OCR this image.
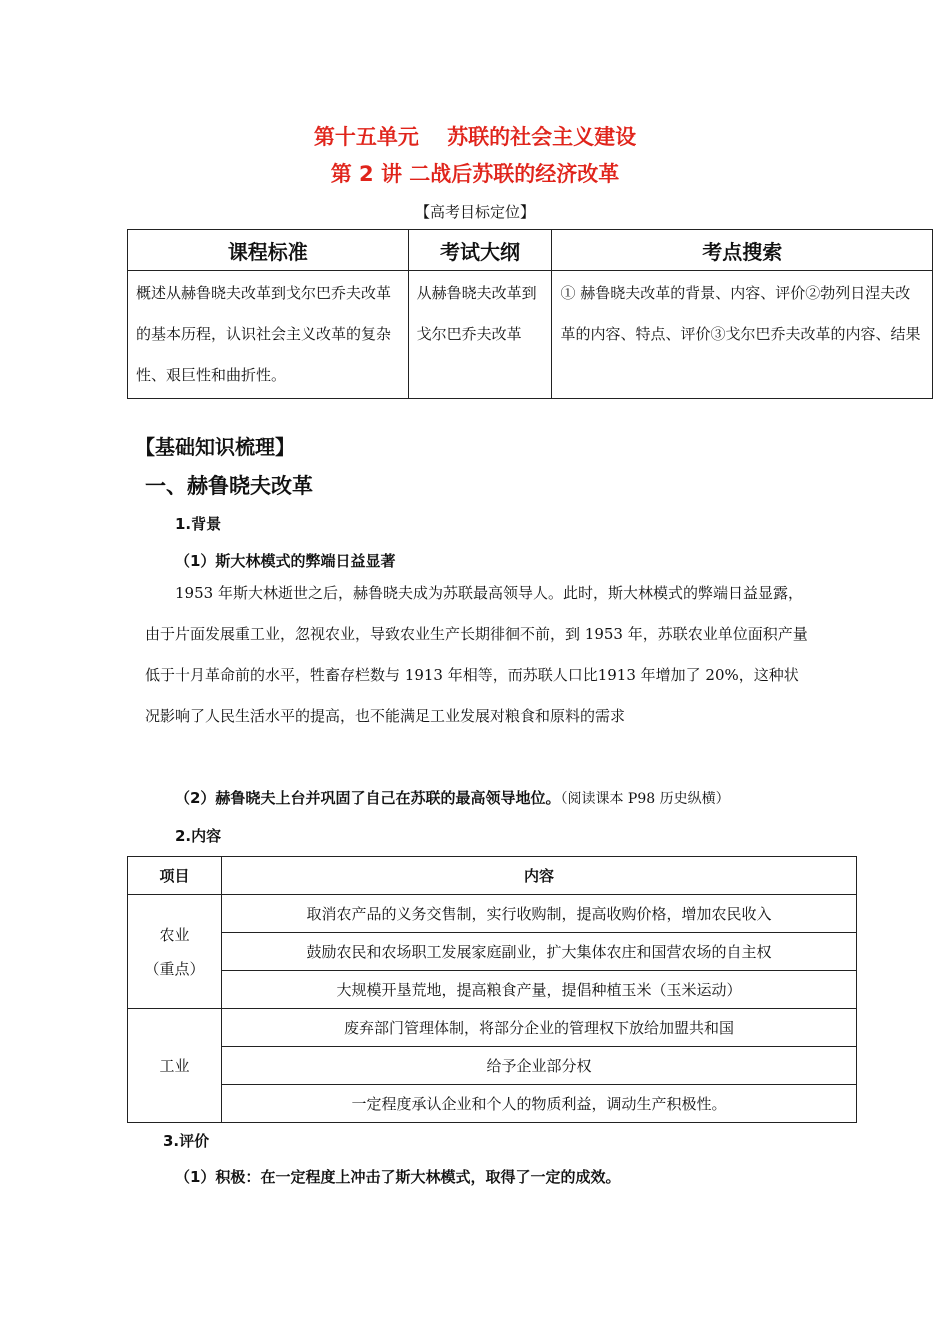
第十五单元　 苏联的社会主义建设
第 2 讲 二战后苏联的经济改革
【高考目标定位】
课程标准	考试大纲	考点搜索
概述从赫鲁晓夫改革到戈尔巴乔夫改革的基本历程，认识社会主义改革的复杂性、艰巨性和曲折性。	从赫鲁晓夫改革到戈尔巴乔夫改革	① 赫鲁晓夫改革的背景、内容、评价②勃列日涅夫改革的内容、特点、评价③戈尔巴乔夫改革的内容、结果
【基础知识梳理】
一、赫鲁晓夫改革
1.背景
（1）斯大林模式的弊端日益显著
1953 年斯大林逝世之后，赫鲁晓夫成为苏联最高领导人。此时，斯大林模式的弊端日益显露，由于片面发展重工业，忽视农业，导致农业生产长期徘徊不前，到 1953 年，苏联农业单位面积产量低于十月革命前的水平，牲畜存栏数与 1913 年相等，而苏联人口比1913 年增加了 20%，这种状况影响了人民生活水平的提高，也不能满足工业发展对粮食和原料的需求
（2）赫鲁晓夫上台并巩固了自己在苏联的最高领导地位。（阅读课本 P98 历史纵横）
2.内容
项目	内容

农业
（重点）	取消农产品的义务交售制，实行收购制，提高收购价格，增加农民收入
	鼓励农民和农场职工发展家庭副业，扩大集体农庄和国营农场的自主权
	大规模开垦荒地，提高粮食产量，提倡种植玉米（玉米运动）
工业	废弃部门管理体制，将部分企业的管理权下放给加盟共和国
	给予企业部分权
	一定程度承认企业和个人的物质利益，调动生产积极性。
3.评价
（1）积极：在一定程度上冲击了斯大林模式，取得了一定的成效。
